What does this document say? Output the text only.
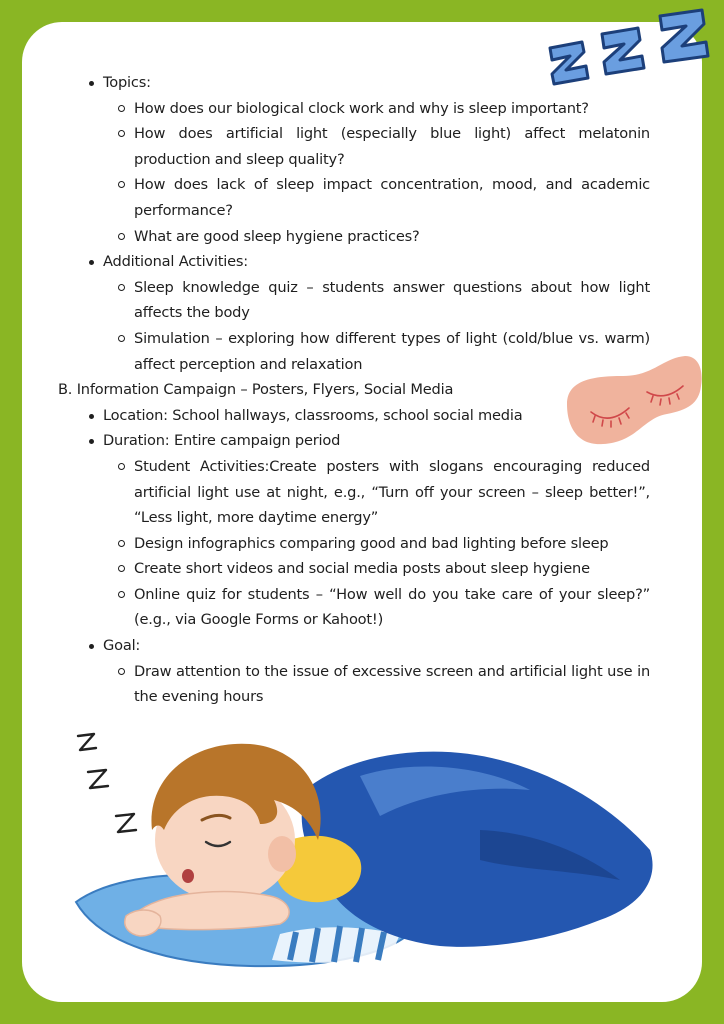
Topics:
How does our biological clock work and why is sleep important?
How does artificial light (especially blue light) affect melatonin production and sleep quality?
How does lack of sleep impact concentration, mood, and academic performance?
What are good sleep hygiene practices?
Additional Activities:
Sleep knowledge quiz – students answer questions about how light affects the body
Simulation – exploring how different types of light (cold/blue vs. warm) affect perception and relaxation
B. Information Campaign – Posters, Flyers, Social Media
Location: School hallways, classrooms, school social media
Duration: Entire campaign period
Student Activities:Create posters with slogans encouraging reduced artificial light use at night, e.g., “Turn off your screen – sleep better!”, “Less light, more daytime energy”
Design infographics comparing good and bad lighting before sleep
Create short videos and social media posts about sleep hygiene
Online quiz for students – “How well do you take care of your sleep?” (e.g., via Google Forms or Kahoot!)
Goal:
Draw attention to the issue of excessive screen and artificial light use in the evening hours
